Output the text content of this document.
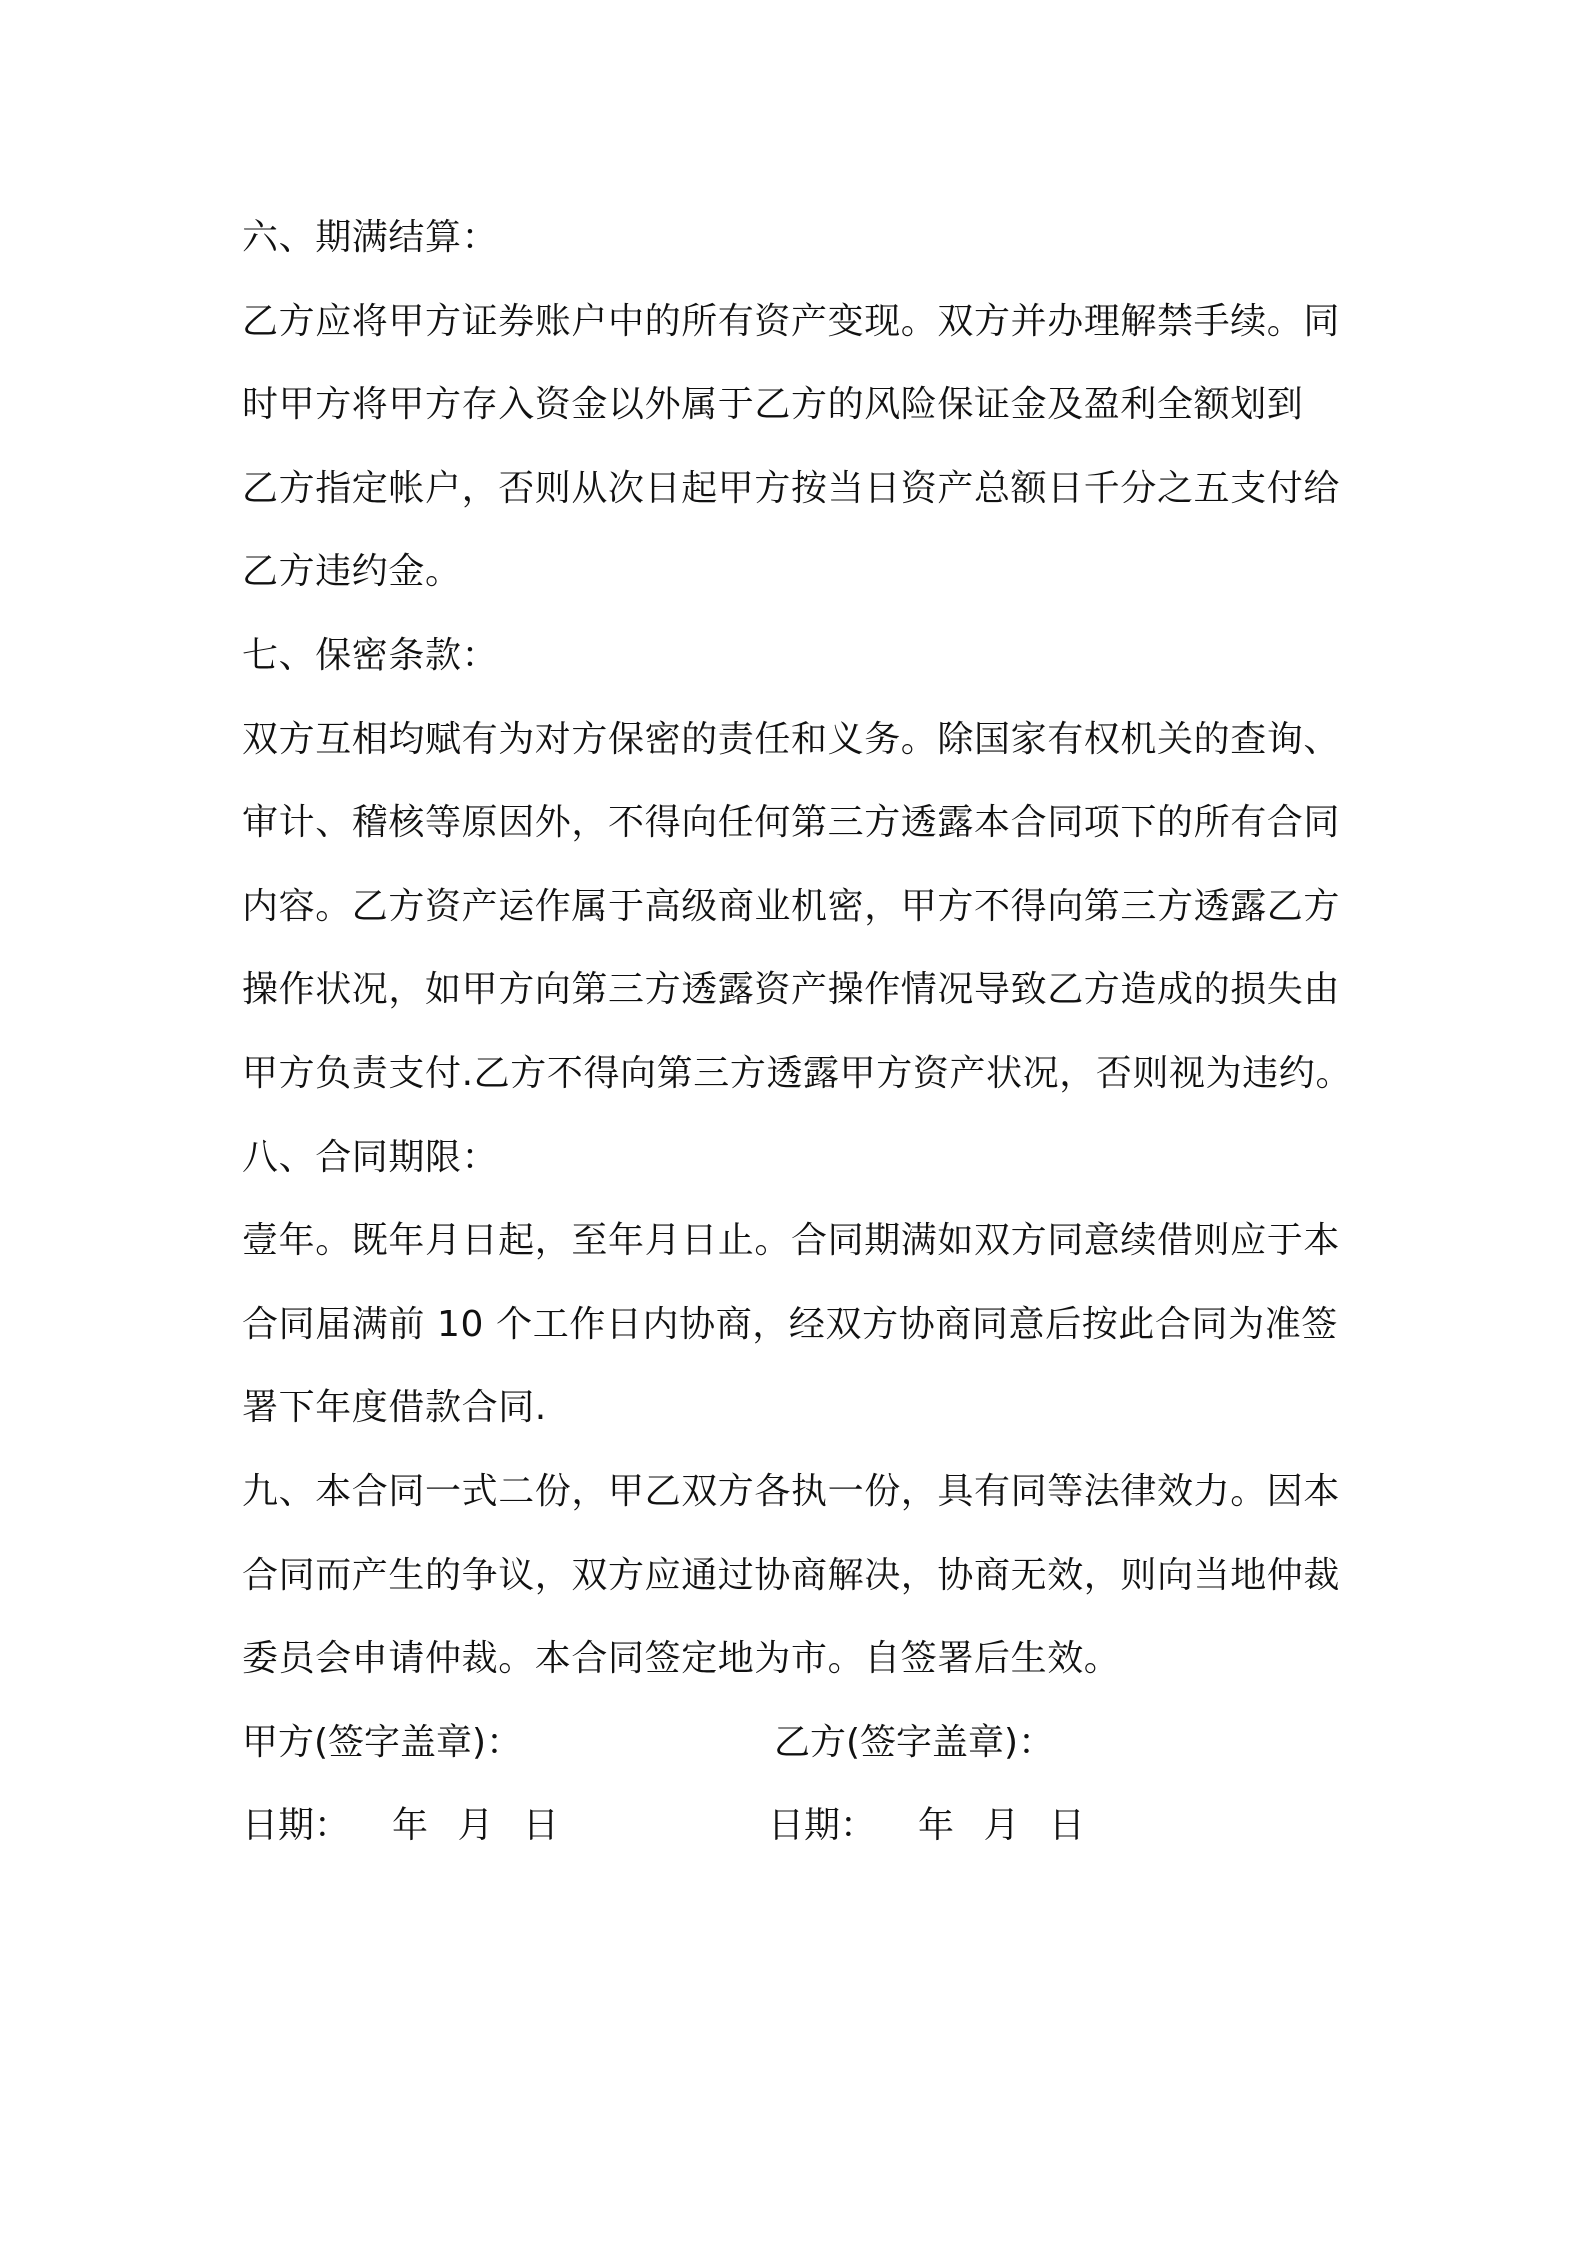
六、期满结算：
乙方应将甲方证券账户中的所有资产变现。双方并办理解禁手续。同
时甲方将甲方存入资金以外属于乙方的风险保证金及盈利全额划到
乙方指定帐户，否则从次日起甲方按当日资产总额日千分之五支付给
乙方违约金。
七、保密条款：
双方互相均赋有为对方保密的责任和义务。除国家有权机关的查询、
审计、稽核等原因外，不得向任何第三方透露本合同项下的所有合同
内容。乙方资产运作属于高级商业机密，甲方不得向第三方透露乙方
操作状况，如甲方向第三方透露资产操作情况导致乙方造成的损失由
甲方负责支付.乙方不得向第三方透露甲方资产状况，否则视为违约。
八、合同期限：
壹年。既年月日起，至年月日止。合同期满如双方同意续借则应于本
合同届满前 10 个工作日内协商，经双方协商同意后按此合同为准签
署下年度借款合同.
九、本合同一式二份，甲乙双方各执一份，具有同等法律效力。因本
合同而产生的争议，双方应通过协商解决，协商无效，则向当地仲裁
委员会申请仲裁。本合同签定地为市。自签署后生效。
甲方(签字盖章)：	乙方(签字盖章)：
日期： 年 月 日	日期： 年 月 日
